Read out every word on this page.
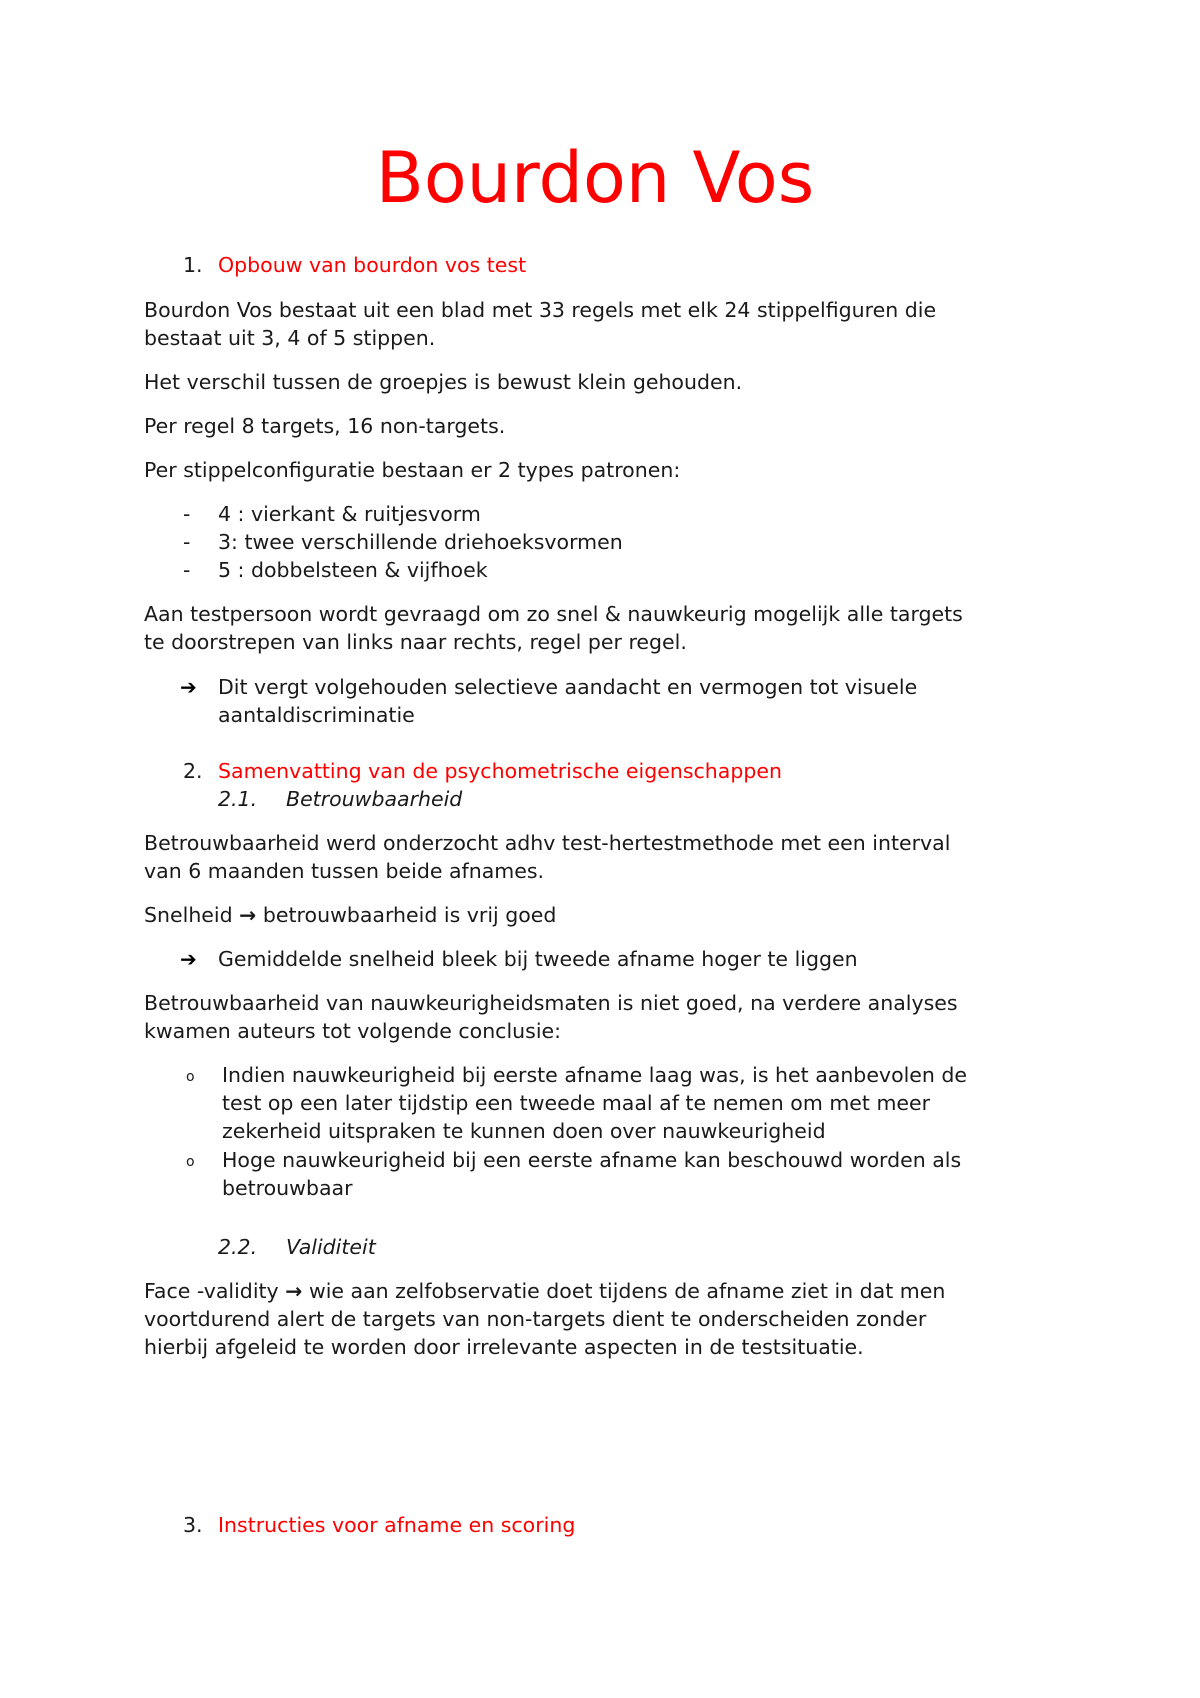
Bourdon Vos
1. Opbouw van bourdon vos test
Bourdon Vos bestaat uit een blad met 33 regels met elk 24 stippelfiguren die
bestaat uit 3, 4 of 5 stippen.
Het verschil tussen de groepjes is bewust klein gehouden.
Per regel 8 targets, 16 non-targets.
Per stippelconfiguratie bestaan er 2 types patronen:
- 4 : vierkant & ruitjesvorm
- 3: twee verschillende driehoeksvormen
- 5 : dobbelsteen & vijfhoek
Aan testpersoon wordt gevraagd om zo snel & nauwkeurig mogelijk alle targets
te doorstrepen van links naar rechts, regel per regel.
➔ Dit vergt volgehouden selectieve aandacht en vermogen tot visuele
aantaldiscriminatie
2. Samenvatting van de psychometrische eigenschappen
2.1. Betrouwbaarheid
Betrouwbaarheid werd onderzocht adhv test-hertestmethode met een interval
van 6 maanden tussen beide afnames.
Snelheid → betrouwbaarheid is vrij goed
➔ Gemiddelde snelheid bleek bij tweede afname hoger te liggen
Betrouwbaarheid van nauwkeurigheidsmaten is niet goed, na verdere analyses
kwamen auteurs tot volgende conclusie:
o Indien nauwkeurigheid bij eerste afname laag was, is het aanbevolen de
test op een later tijdstip een tweede maal af te nemen om met meer
zekerheid uitspraken te kunnen doen over nauwkeurigheid
o Hoge nauwkeurigheid bij een eerste afname kan beschouwd worden als
betrouwbaar
2.2. Validiteit
Face -validity → wie aan zelfobservatie doet tijdens de afname ziet in dat men
voortdurend alert de targets van non-targets dient te onderscheiden zonder
hierbij afgeleid te worden door irrelevante aspecten in de testsituatie.
3. Instructies voor afname en scoring
